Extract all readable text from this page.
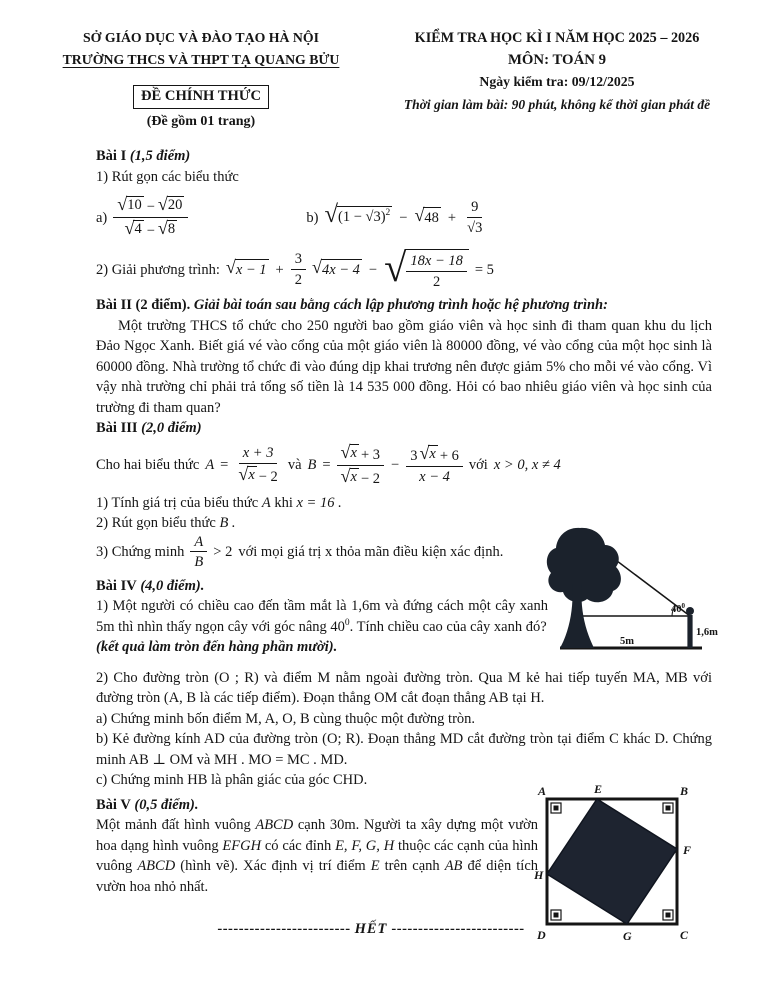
SỞ GIÁO DỤC VÀ ĐÀO TẠO HÀ NỘI
TRƯỜNG THCS VÀ THPT TẠ QUANG BỬU
ĐỀ CHÍNH THỨC
(Đề gồm 01 trang)
KIỂM TRA HỌC KÌ I NĂM HỌC 2025 – 2026
MÔN: TOÁN 9
Ngày kiểm tra: 09/12/2025
Thời gian làm bài: 90 phút, không kể thời gian phát đề
Bài I (1,5 điểm)
1) Rút gọn các biểu thức
$a) \frac{√ 10 - √ 20}{√ 4 - √ 8}$	b) √ $(1 - √3)^2$ − √ $48 + \frac{9}{√3}$
2) Giải phương trình: √ $x - 1 + \frac{3}{2}$ √ 4x − 4 − √ $\frac{18x - 18}{2} = 5$
Bài II (2 điểm). Giải bài toán sau bằng cách lập phương trình hoặc hệ phương trình:
Một trường THCS tổ chức cho 250 người bao gồm giáo viên và học sinh đi tham quan khu du lịch Đảo Ngọc Xanh. Biết giá vé vào cổng của một giáo viên là 80000 đồng, vé vào cổng của một học sinh là 60000 đồng. Nhà trường tổ chức đi vào đúng dịp khai trương nên được giảm 5% cho mỗi vé vào cổng. Vì vậy nhà trường chỉ phải trả tổng số tiền là 14 535 000 đồng. Hỏi có bao nhiêu giáo viên và học sinh của trường đi tham quan?
Bài III (2,0 điểm)
Cho hai biểu thức $A = \frac{x + 3}{√ x - 2}$ và $B = \frac{√ x + 3}{√ x - 2} - \frac{3 √ x + 6}{x - 4}$ với x > 0, x ≠ 4
1) Tính giá trị của biểu thức A khi x = 16 .
2) Rút gọn biểu thức B .
3) Chứng minh $\frac{A}{B} > 2$ với mọi giá trị x thỏa mãn điều kiện xác định.
$40^0$
1,6m
5m
Bài IV (4,0 điểm).
1) Một người có chiều cao đến tầm mắt là 1,6m và đứng cách một cây xanh 5m thì nhìn thấy ngọn cây với góc nâng $40^0$. Tính chiều cao của cây xanh đó?
(kết quả làm tròn đến hàng phần mười).
2) Cho đường tròn (O ; R) và điểm M nằm ngoài đường tròn. Qua M kẻ hai tiếp tuyến MA, MB với đường tròn (A, B là các tiếp điểm). Đoạn thẳng OM cắt đoạn thẳng AB tại H.
a) Chứng minh bốn điểm M, A, O, B cùng thuộc một đường tròn.
b) Kẻ đường kính AD của đường tròn (O; R). Đoạn thẳng MD cắt đường tròn tại điểm C khác D. Chứng minh AB ⊥ OM và MH . MO = MC . MD.
c) Chứng minh HB là phân giác của góc CHD.
A	E	B
F
C
G
D
H
Bài V (0,5 điểm).
Một mảnh đất hình vuông ABCD cạnh 30m. Người ta xây dựng một vườn hoa dạng hình vuông EFGH có các đỉnh E, F, G, H thuộc các cạnh của hình vuông ABCD (hình vẽ). Xác định vị trí điểm E trên cạnh AB để diện tích vườn hoa nhỏ nhất.
------------------------- HẾT -------------------------
